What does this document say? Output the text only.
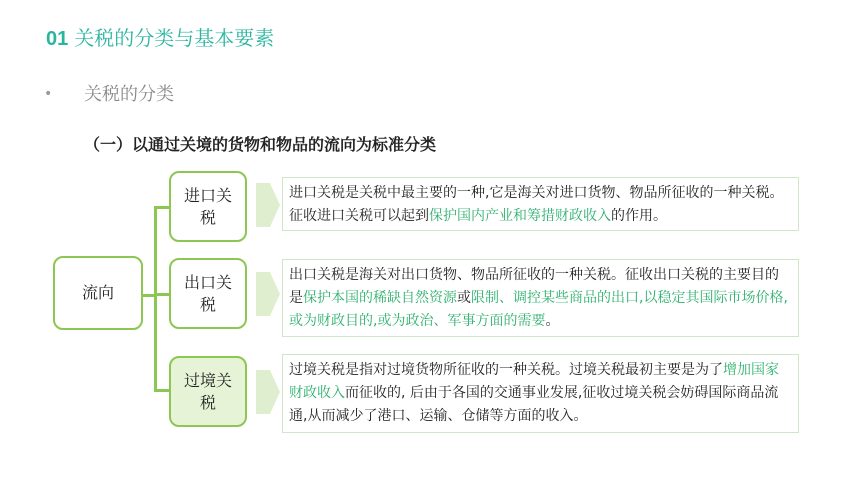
01 关税的分类与基本要素
• 关税的分类
（一）以通过关境的货物和物品的流向为标准分类
流向
进口关税
出口关税
过境关税
进口关税是关税中最主要的一种,它是海关对进口货物、物品所征收的一种关税。征收进口关税可以起到保护国内产业和筹措财政收入的作用。
出口关税是海关对出口货物、物品所征收的一种关税。征收出口关税的主要目的是保护本国的稀缺自然资源或限制、调控某些商品的出口,以稳定其国际市场价格,或为财政目的,或为政治、军事方面的需要。
过境关税是指对过境货物所征收的一种关税。过境关税最初主要是为了增加国家财政收入而征收的, 后由于各国的交通事业发展,征收过境关税会妨碍国际商品流通,从而减少了港口、运输、仓储等方面的收入。
